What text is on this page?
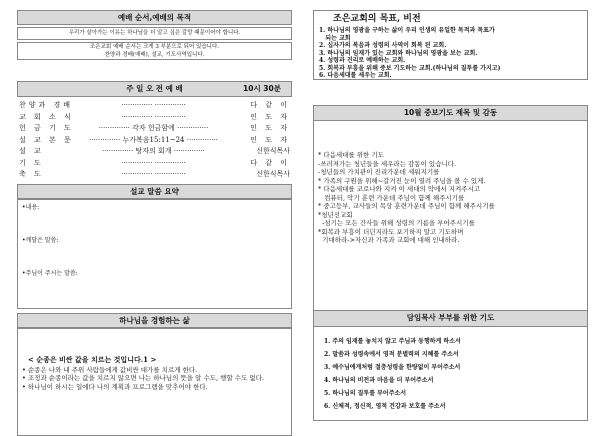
예배 순서,예배의 목적
우리가 살아가는 이유는 하나님을 더 알고 싶은 갈망 때문이어야 합니다.
조은교회 예배 순서는 크게 3 부분으로 되어 있습니다.
찬양과 경배(예배), 설교, 기도사역입니다.
주 일 오 전 예 배	10시 30분
찬양과 경배	·············· ··············	다 같 이
교 회 소 식	·············· ··············	인 도 자
헌 금 기 도	·············· 각자 헌금함에 ··············	인 도 자
설 교 본 문	·············· 누가복음15:11~24 ··············	인 도 자
설 교	·············· 탕자의 회개 ··············	신한식목사
기 도	·············· ··············	다 같 이
축 도	·············· ··············	신한식목사
설교 말씀 요약
•내용:
•깨달은 말씀:
•주님이 주시는 말씀:
하나님을 경험하는 삶
< 순종은 비싼 값을 치르는 것입니다.1 >
• 순종은 나와 내 주위 사람들에게 값비싼 대가를 치르게 한다.
• 조정과 순종이라는 값을 치르지 않으면 나는 하나님의 뜻을 알 수도, 행할 수도 없다.
• 하나님이 하시는 일에다 나의 계획과 프로그램을 맞추어야 한다.
조은교회의 목표, 비전
1. 하나님의 영광을 구하는 삶이 우리 인생의 유일한 목적과 목표가
되는 교회
2. 십자가의 복음과 성령의 사역이 회복 된 교회.
3. 하나님의 임재가 있는 교회와 하나님의 영광을 보는 교회.
4. 성령과 진리로 예배하는 교회.
5. 회복과 부흥을 위해 중보 기도하는 교회.(하나님의 질투를 가지고)
6. 다음세대를 세우는 교회.
10월 중보기도 제목 및 감동
* 다음세대를 위한 기도
-쓰러져가는 청년들을 세우라는 감동이 있습니다.
-청년들의 가치관이 진리가운데 세워지기를
* 가족의 구원을 위해~갈거진 눈이 열려 주님을 볼 수 있게.
* 다음세대를 코로나와 지켜 이 세대의 악에서 지켜주시고
컴퓨터, 악기 훈련 가운데 주님이 함께 해주시기를
* 중고등부, 교사들의 목상 훈련가운데 주님이 함께 해주시기를
*청년선교회
-섬기는 모든 간사들 위해 성령의 기름을 부어주시기를
*회복과 부흥이 더딘지라도 포기하지 말고 기도하며
기대하라->자신과 가족과 교회에 대해 인내하라.
담임목사 부부를 위한 기도
1. 주의 임재를 놓치지 않고 주님과 동행하게 하소서
2. 말씀과 성령속에서 영적 분별력의 지혜를 주소서
3. 예수님에게처럼 절충성령을 한량없이 부어주소서
4. 하나님의 비전과 마음을 더 부어주소서
5. 하나님의 질투를 부어주소서
6. 신체적, 정신적, 영적 건강과 보호를 주소서
